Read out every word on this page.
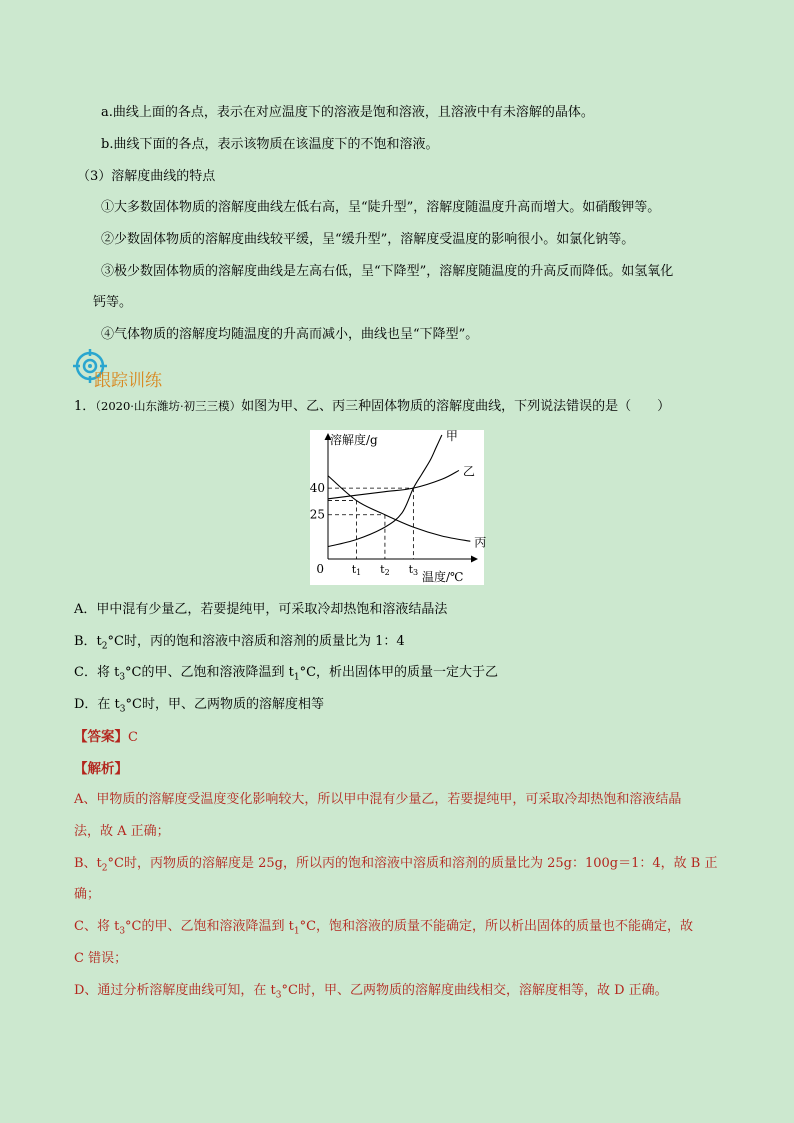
a.曲线上面的各点，表示在对应温度下的溶液是饱和溶液，且溶液中有未溶解的晶体。
b.曲线下面的各点，表示该物质在该温度下的不饱和溶液。
（3）溶解度曲线的特点
①大多数固体物质的溶解度曲线左低右高，呈“陡升型”，溶解度随温度升高而增大。如硝酸钾等。
②少数固体物质的溶解度曲线较平缓，呈“缓升型”，溶解度受温度的影响很小。如氯化钠等。
③极少数固体物质的溶解度曲线是左高右低，呈“下降型”，溶解度随温度的升高反而降低。如氢氧化
钙等。
④气体物质的溶解度均随温度的升高而减小，曲线也呈“下降型”。
跟踪训练
1．（2020·山东潍坊·初三三模）如图为甲、乙、丙三种固体物质的溶解度曲线，下列说法错误的是（　　）
甲
乙
丙
溶解度/g
温度/℃
0
25
40
t1 t2 t3
A．甲中混有少量乙，若要提纯甲，可采取冷却热饱和溶液结晶法
B．$t_2^\circ C$时，丙的饱和溶液中溶质和溶剂的质量比为 1：4
C．将 $t_3^\circ C$的甲、乙饱和溶液降温到 $t_1^\circ C$，析出固体甲的质量一定大于乙
D．在 $t_3^\circ C$时，甲、乙两物质的溶解度相等
【答案】C
【解析】
A、甲物质的溶解度受温度变化影响较大，所以甲中混有少量乙，若要提纯甲，可采取冷却热饱和溶液结晶
法，故 A 正确；
B、$t_2^\circ C$时，丙物质的溶解度是 25g，所以丙的饱和溶液中溶质和溶剂的质量比为 25g：100g＝1：4，故 B 正
确；
C、将 $t_3^\circ C$的甲、乙饱和溶液降温到 $t_1^\circ C$，饱和溶液的质量不能确定，所以析出固体的质量也不能确定，故
C 错误；
D、通过分析溶解度曲线可知，在 $t_3^\circ C$时，甲、乙两物质的溶解度曲线相交，溶解度相等，故 D 正确。
